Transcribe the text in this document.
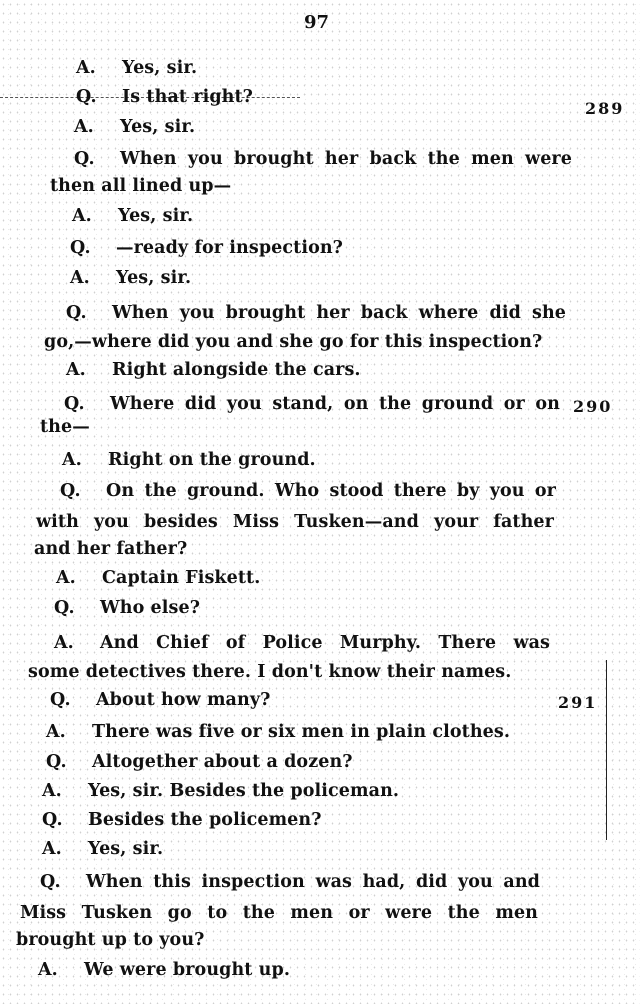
97
289
290
291
A. Yes, sir.
Q. Is that right?
A. Yes, sir.
Q. When you brought her back the men were
then all lined up—
A. Yes, sir.
Q. —ready for inspection?
A. Yes, sir.
Q. When you brought her back where did she
go,—where did you and she go for this inspection?
A. Right alongside the cars.
Q. Where did you stand, on the ground or on
the—
A. Right on the ground.
Q. On the ground. Who stood there by you or
with you besides Miss Tusken—and your father
and her father?
A. Captain Fiskett.
Q. Who else?
A. And Chief of Police Murphy. There was
some detectives there. I don't know their names.
Q. About how many?
A. There was five or six men in plain clothes.
Q. Altogether about a dozen?
A. Yes, sir. Besides the policeman.
Q. Besides the policemen?
A. Yes, sir.
Q. When this inspection was had, did you and
Miss Tusken go to the men or were the men
brought up to you?
A. We were brought up.
